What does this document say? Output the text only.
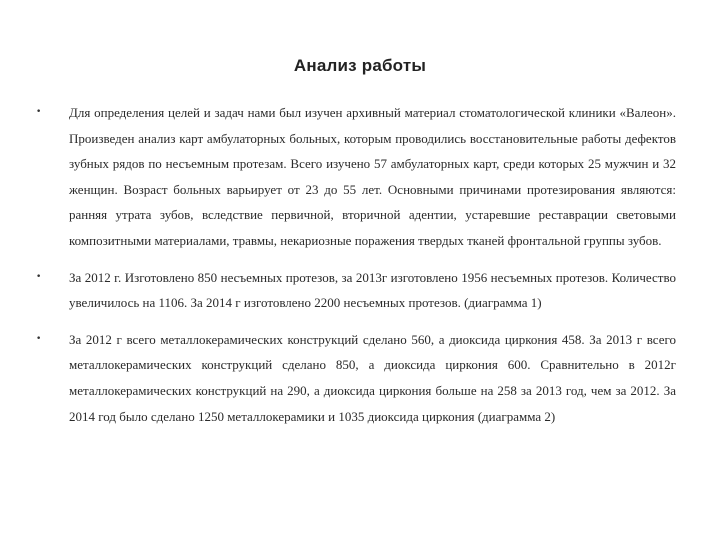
Анализ работы
• Для определения целей и задач нами был изучен архивный материал стоматологической клиники «Валеон». Произведен анализ карт амбулаторных больных, которым проводились восстановительные работы дефектов зубных рядов по несъемным протезам. Всего изучено 57 амбулаторных карт, среди которых 25 мужчин и 32 женщин. Возраст больных варьирует от 23 до 55 лет. Основными причинами протезирования являются: ранняя утрата зубов, вследствие первичной, вторичной адентии, устаревшие реставрации световыми композитными материалами, травмы, некариозные поражения твердых тканей фронтальной группы зубов.
• За 2012 г. Изготовлено 850 несъемных протезов, за 2013г изготовлено 1956 несъемных протезов. Количество увеличилось на 1106. За 2014 г изготовлено 2200 несъемных протезов. (диаграмма 1)
• За 2012 г всего металлокерамических конструкций сделано 560, а диоксида циркония 458. За 2013 г всего металлокерамических конструкций сделано 850, а диоксида циркония 600. Сравнительно в 2012г металлокерамических конструкций на 290, а диоксида циркония больше на 258 за 2013 год, чем за 2012. За 2014 год было сделано 1250 металлокерамики и 1035 диоксида циркония (диаграмма 2)
